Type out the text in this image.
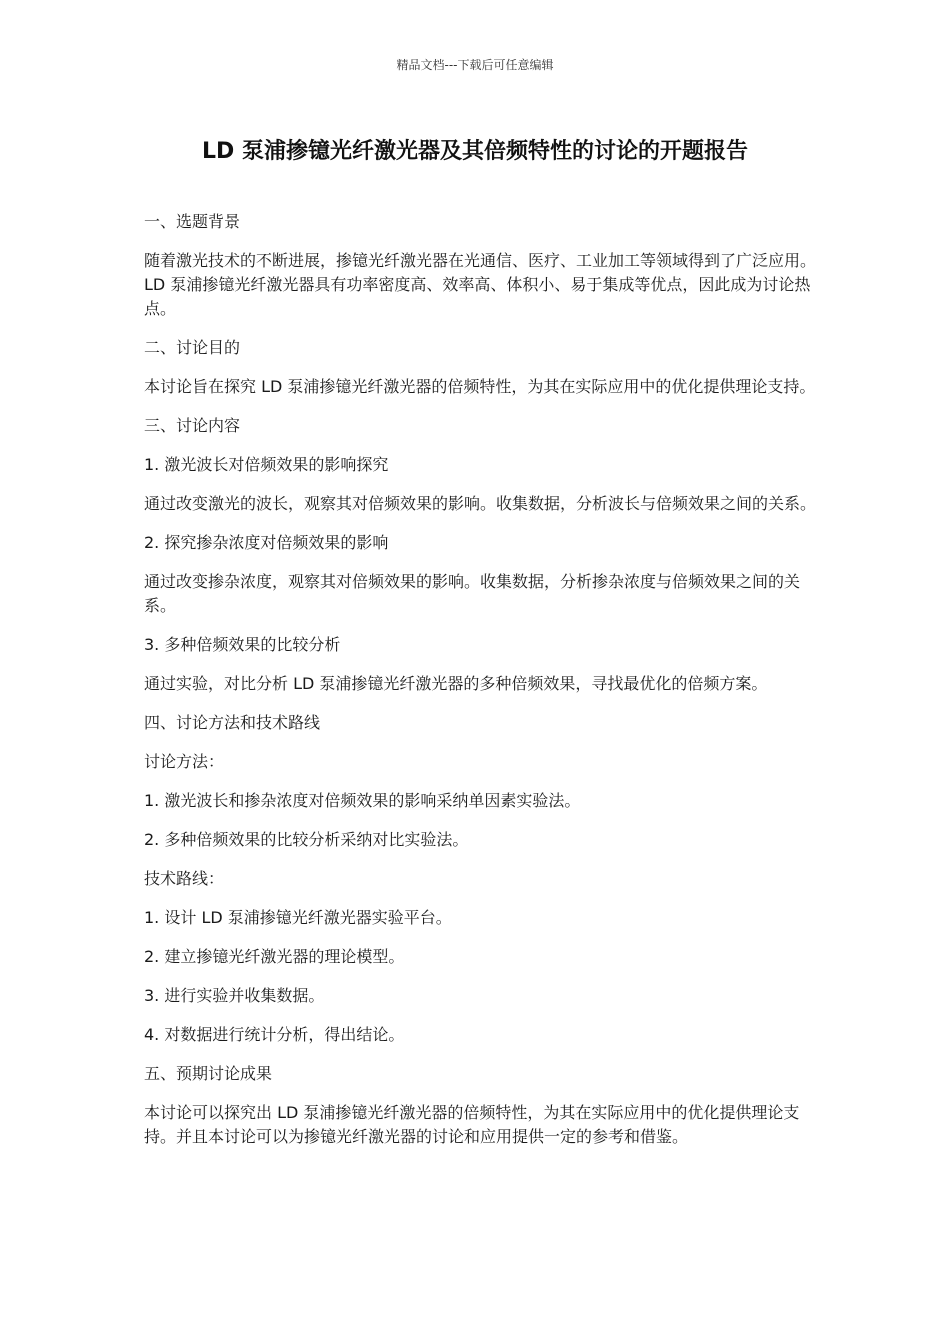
精品文档---下载后可任意编辑
LD 泵浦掺镱光纤激光器及其倍频特性的讨论的开题报告

一、选题背景

随着激光技术的不断进展，掺镱光纤激光器在光通信、医疗、工业加工等领域得到了广泛应用。LD 泵浦掺镱光纤激光器具有功率密度高、效率高、体积小、易于集成等优点，因此成为讨论热点。

二、讨论目的

本讨论旨在探究 LD 泵浦掺镱光纤激光器的倍频特性，为其在实际应用中的优化提供理论支持。

三、讨论内容

1. 激光波长对倍频效果的影响探究

通过改变激光的波长，观察其对倍频效果的影响。收集数据，分析波长与倍频效果之间的关系。

2. 探究掺杂浓度对倍频效果的影响

通过改变掺杂浓度，观察其对倍频效果的影响。收集数据，分析掺杂浓度与倍频效果之间的关系。

3. 多种倍频效果的比较分析

通过实验，对比分析 LD 泵浦掺镱光纤激光器的多种倍频效果，寻找最优化的倍频方案。

四、讨论方法和技术路线

讨论方法：

1. 激光波长和掺杂浓度对倍频效果的影响采纳单因素实验法。

2. 多种倍频效果的比较分析采纳对比实验法。

技术路线：

1. 设计 LD 泵浦掺镱光纤激光器实验平台。

2. 建立掺镱光纤激光器的理论模型。

3. 进行实验并收集数据。

4. 对数据进行统计分析，得出结论。

五、预期讨论成果

本讨论可以探究出 LD 泵浦掺镱光纤激光器的倍频特性，为其在实际应用中的优化提供理论支持。并且本讨论可以为掺镱光纤激光器的讨论和应用提供一定的参考和借鉴。
